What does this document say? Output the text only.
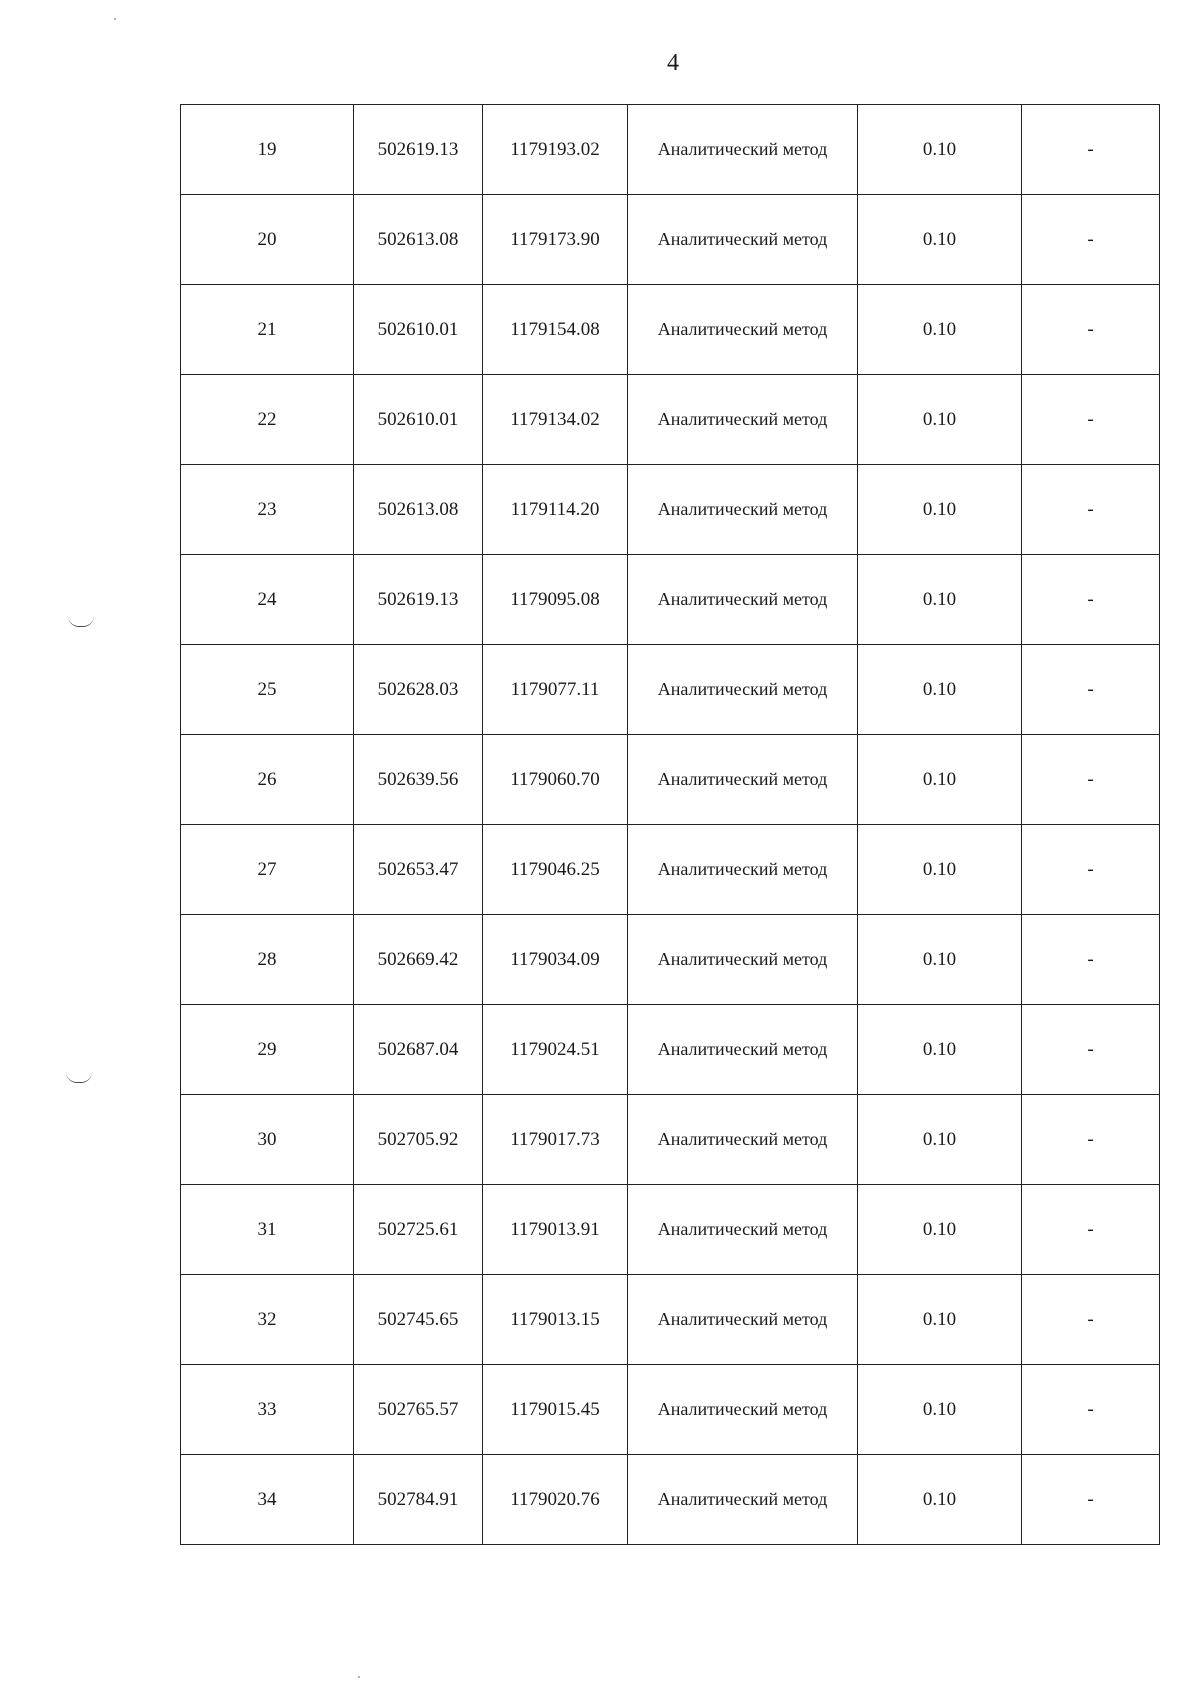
4
19	502619.13	1179193.02	Аналитический метод	0.10	-
20	502613.08	1179173.90	Аналитический метод	0.10	-
21	502610.01	1179154.08	Аналитический метод	0.10	-
22	502610.01	1179134.02	Аналитический метод	0.10	-
23	502613.08	1179114.20	Аналитический метод	0.10	-
24	502619.13	1179095.08	Аналитический метод	0.10	-
25	502628.03	1179077.11	Аналитический метод	0.10	-
26	502639.56	1179060.70	Аналитический метод	0.10	-
27	502653.47	1179046.25	Аналитический метод	0.10	-
28	502669.42	1179034.09	Аналитический метод	0.10	-
29	502687.04	1179024.51	Аналитический метод	0.10	-
30	502705.92	1179017.73	Аналитический метод	0.10	-
31	502725.61	1179013.91	Аналитический метод	0.10	-
32	502745.65	1179013.15	Аналитический метод	0.10	-
33	502765.57	1179015.45	Аналитический метод	0.10	-
34	502784.91	1179020.76	Аналитический метод	0.10	-
